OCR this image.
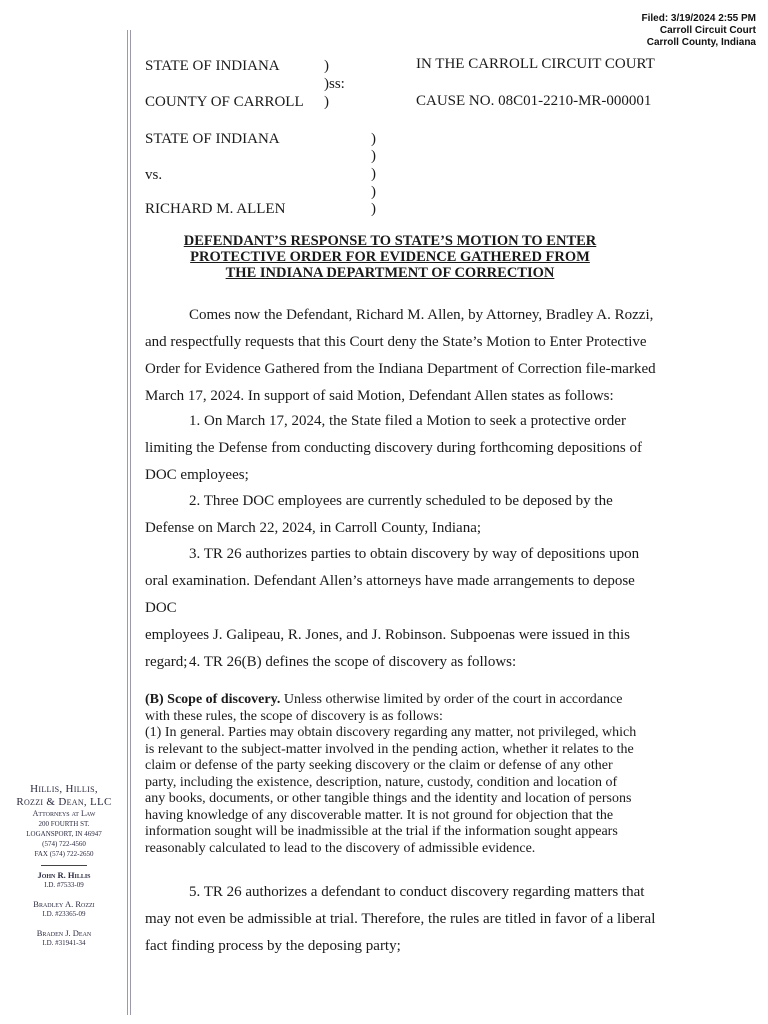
Filed: 3/19/2024 2:55 PM
Carroll Circuit Court
Carroll County, Indiana
STATE OF INDIANA	)
)ss:
COUNTY OF CARROLL )
IN THE CARROLL CIRCUIT COURT
CAUSE NO. 08C01-2210-MR-000001
STATE OF INDIANA
vs.
RICHARD M. ALLEN
)
)
)
)
)
DEFENDANT’S RESPONSE TO STATE’S MOTION TO ENTER
PROTECTIVE ORDER FOR EVIDENCE GATHERED FROM
THE INDIANA DEPARTMENT OF CORRECTION
Comes now the Defendant, Richard M. Allen, by Attorney, Bradley A. Rozzi,
and respectfully requests that this Court deny the State’s Motion to Enter Protective
Order for Evidence Gathered from the Indiana Department of Correction file-marked
March 17, 2024. In support of said Motion, Defendant Allen states as follows:
1. On March 17, 2024, the State filed a Motion to seek a protective order
limiting the Defense from conducting discovery during forthcoming depositions of
DOC employees;
2. Three DOC employees are currently scheduled to be deposed by the
Defense on March 22, 2024, in Carroll County, Indiana;
3. TR 26 authorizes parties to obtain discovery by way of depositions upon
oral examination. Defendant Allen’s attorneys have made arrangements to depose DOC
employees J. Galipeau, R. Jones, and J. Robinson. Subpoenas were issued in this
regard; 4. TR 26(B) defines the scope of discovery as follows:
(B) Scope of discovery. Unless otherwise limited by order of the court in accordance
with these rules, the scope of discovery is as follows:
(1) In general. Parties may obtain discovery regarding any matter, not privileged, which
is relevant to the subject-matter involved in the pending action, whether it relates to the
claim or defense of the party seeking discovery or the claim or defense of any other
party, including the existence, description, nature, custody, condition and location of
any books, documents, or other tangible things and the identity and location of persons
having knowledge of any discoverable matter. It is not ground for objection that the
information sought will be inadmissible at the trial if the information sought appears
reasonably calculated to lead to the discovery of admissible evidence.
5. TR 26 authorizes a defendant to conduct discovery regarding matters that
may not even be admissible at trial. Therefore, the rules are titled in favor of a liberal
fact finding process by the deposing party;
Hillis, Hillis,
Rozzi & Dean, LLC
Attorneys at Law
200 FOURTH ST.
LOGANSPORT, IN 46947
(574) 722-4560
FAX (574) 722-2650
John R. Hillis
I.D. #7533-09
Bradley A. Rozzi
I.D. #23365-09
Braden J. Dean
I.D. #31941-34
